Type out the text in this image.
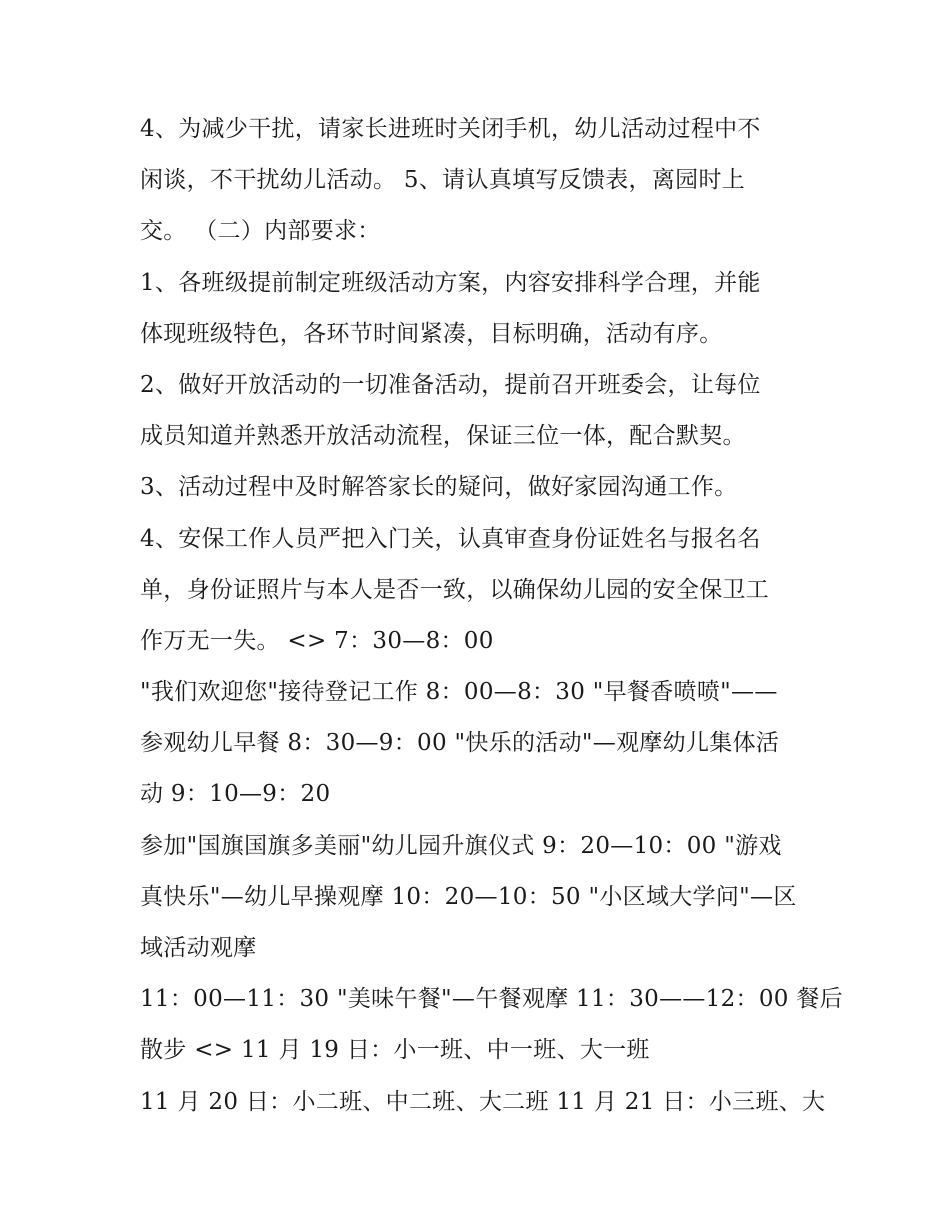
4、为减少干扰，请家长进班时关闭手机，幼儿活动过程中不
闲谈，不干扰幼儿活动。 5、请认真填写反馈表，离园时上
交。 （二）内部要求：
1、各班级提前制定班级活动方案，内容安排科学合理，并能
体现班级特色，各环节时间紧凑，目标明确，活动有序。
2、做好开放活动的一切准备活动，提前召开班委会，让每位
成员知道并熟悉开放活动流程，保证三位一体，配合默契。
3、活动过程中及时解答家长的疑问，做好家园沟通工作。
4、安保工作人员严把入门关，认真审查身份证姓名与报名名
单，身份证照片与本人是否一致，以确保幼儿园的安全保卫工
作万无一失。 <> 7：30—8：00
"我们欢迎您"接待登记工作 8：00—8：30 "早餐香喷喷"——
参观幼儿早餐 8：30—9：00 "快乐的活动"—观摩幼儿集体活
动 9：10—9：20
参加"国旗国旗多美丽"幼儿园升旗仪式 9：20—10：00 "游戏
真快乐"—幼儿早操观摩 10：20—10：50 "小区域大学问"—区
域活动观摩
11：00—11：30 "美味午餐"—午餐观摩 11：30——12：00 餐后
散步 <> 11 月 19 日：小一班、中一班、大一班
11 月 20 日：小二班、中二班、大二班 11 月 21 日：小三班、大
